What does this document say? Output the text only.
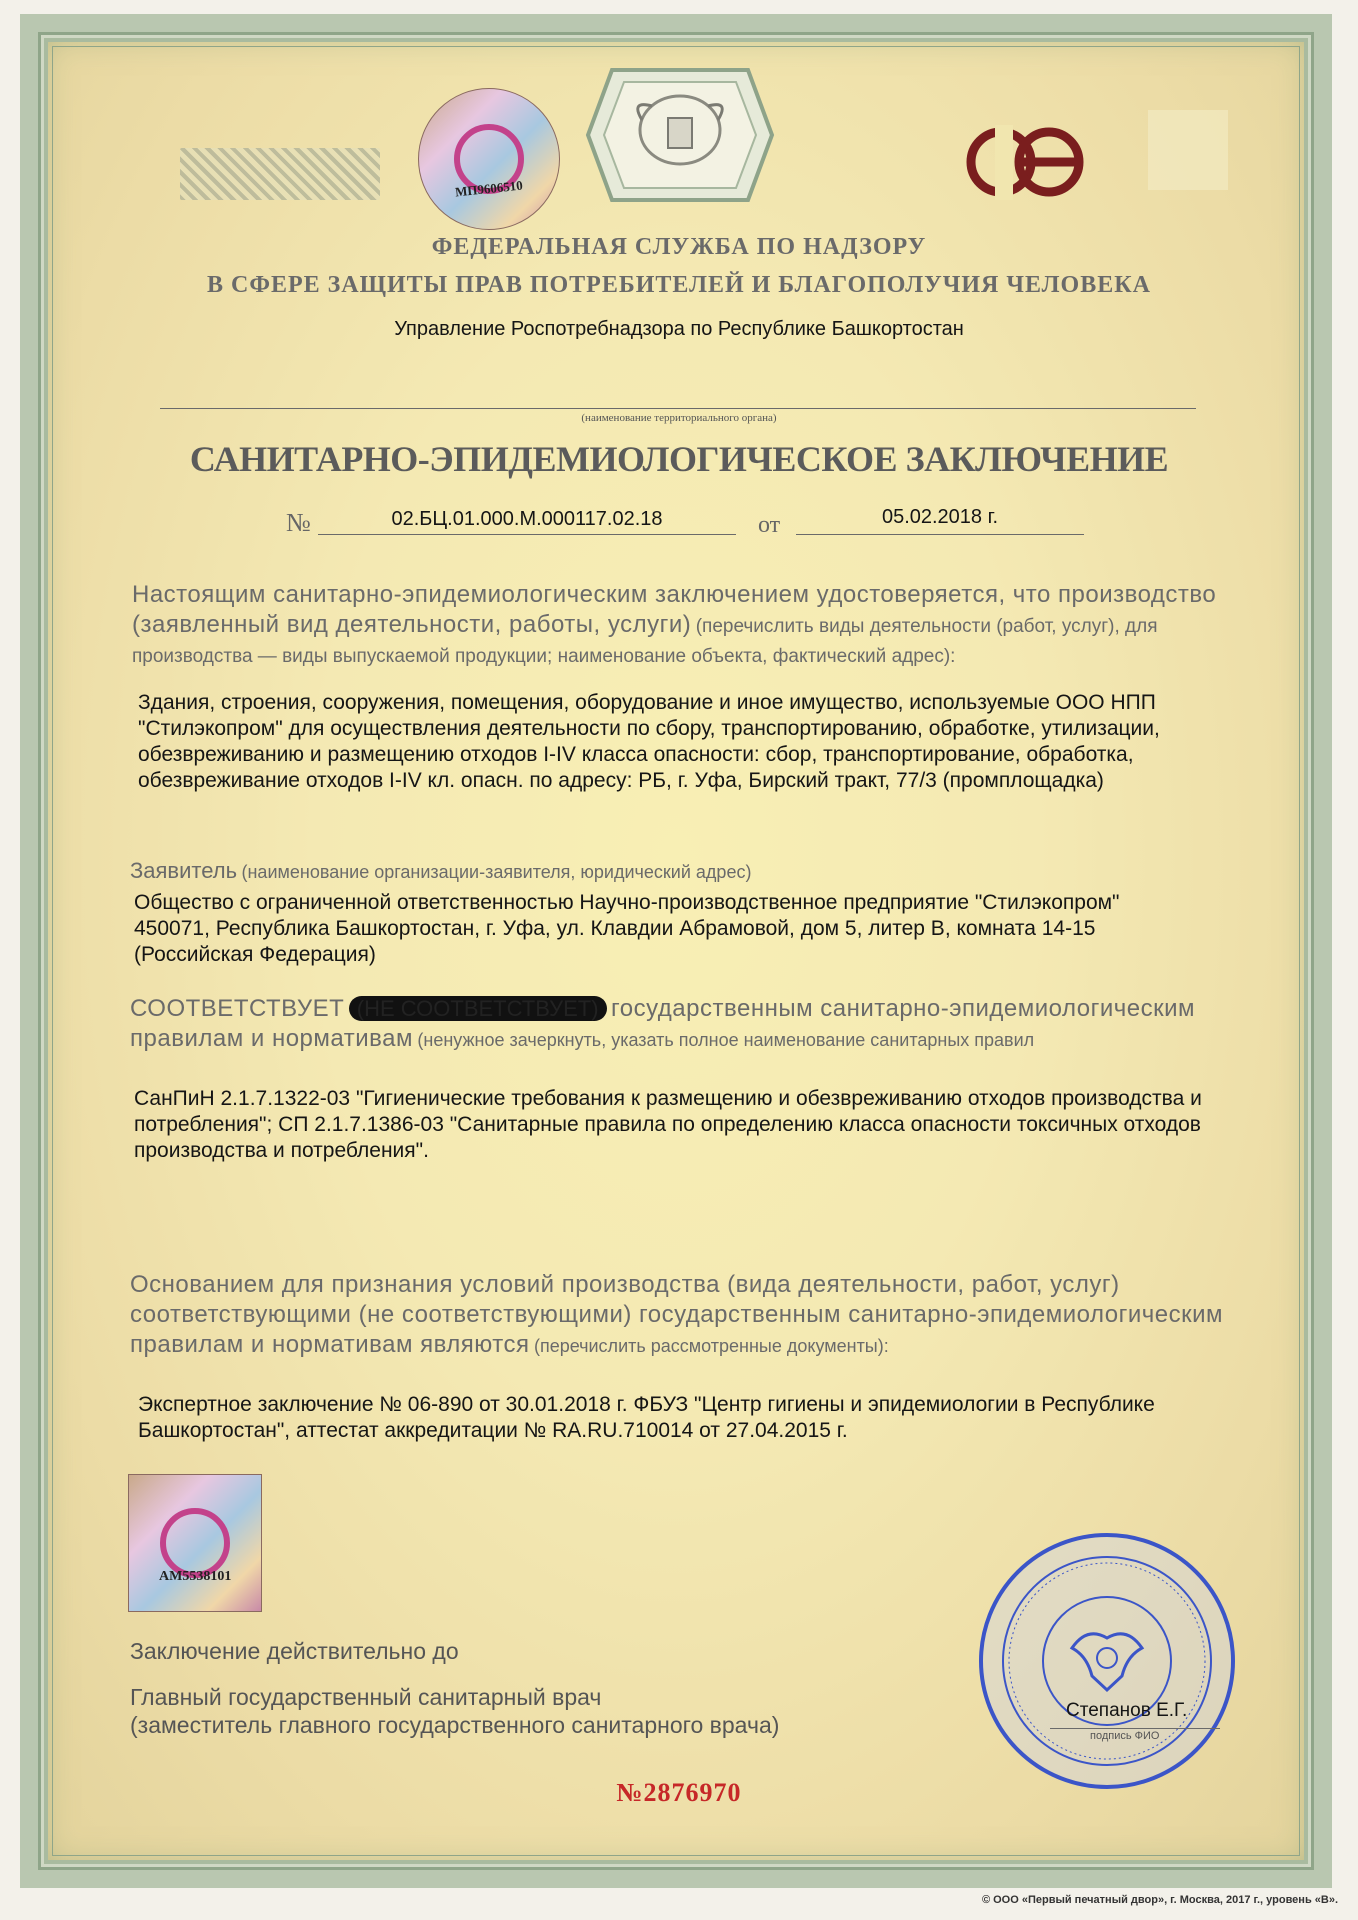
МП9606510
ФЕДЕРАЛЬНАЯ СЛУЖБА ПО НАДЗОРУ
В СФЕРЕ ЗАЩИТЫ ПРАВ ПОТРЕБИТЕЛЕЙ И БЛАГОПОЛУЧИЯ ЧЕЛОВЕКА
Управление Роспотребнадзора по Республике Башкортостан
(наименование территориального органа)
САНИТАРНО-ЭПИДЕМИОЛОГИЧЕСКОЕ ЗАКЛЮЧЕНИЕ
№	02.БЦ.01.000.М.000117.02.18	от	05.02.2018 г.
Настоящим санитарно-эпидемиологическим заключением удостоверяется, что производство (заявленный вид деятельности, работы, услуги) (перечислить виды деятельности (работ, услуг), для производства — виды выпускаемой продукции; наименование объекта, фактический адрес):
Здания, строения, сооружения, помещения, оборудование и иное имущество, используемые ООО НПП "Стилэкопром" для осуществления деятельности по сбору, транспортированию, обработке, утилизации, обезвреживанию и размещению отходов I-IV класса опасности: сбор, транспортирование, обработка, обезвреживание отходов I-IV кл. опасн. по адресу: РБ, г. Уфа, Бирский тракт, 77/3 (промплощадка)
Заявитель (наименование организации-заявителя, юридический адрес)
Общество с ограниченной ответственностью Научно-производственное предприятие "Стилэкопром" 450071, Республика Башкортостан, г. Уфа, ул. Клавдии Абрамовой, дом 5, литер В, комната 14-15 (Российская Федерация)
СООТВЕТСТВУЕТ (НЕ СООТВЕТСТВУЕТ) государственным санитарно-эпидемиологическим правилам и нормативам (ненужное зачеркнуть, указать полное наименование санитарных правил
СанПиН 2.1.7.1322-03 "Гигиенические требования к размещению и обезвреживанию отходов производства и потребления"; СП 2.1.7.1386-03 "Санитарные правила по определению класса опасности токсичных отходов производства и потребления".
Основанием для признания условий производства (вида деятельности, работ, услуг) соответствующими (не соответствующими) государственным санитарно-эпидемиологическим правилам и нормативам являются (перечислить рассмотренные документы):
Экспертное заключение № 06-890 от 30.01.2018 г. ФБУЗ "Центр гигиены и эпидемиологии в Республике Башкортостан", аттестат аккредитации № RA.RU.710014 от 27.04.2015 г.
АМ5538101
Заключение действительно до
Главный государственный санитарный врач
(заместитель главного государственного санитарного врача)
Степанов Е.Г.
подпись ФИО
№2876970
© ООО «Первый печатный двор», г. Москва, 2017 г., уровень «В».
